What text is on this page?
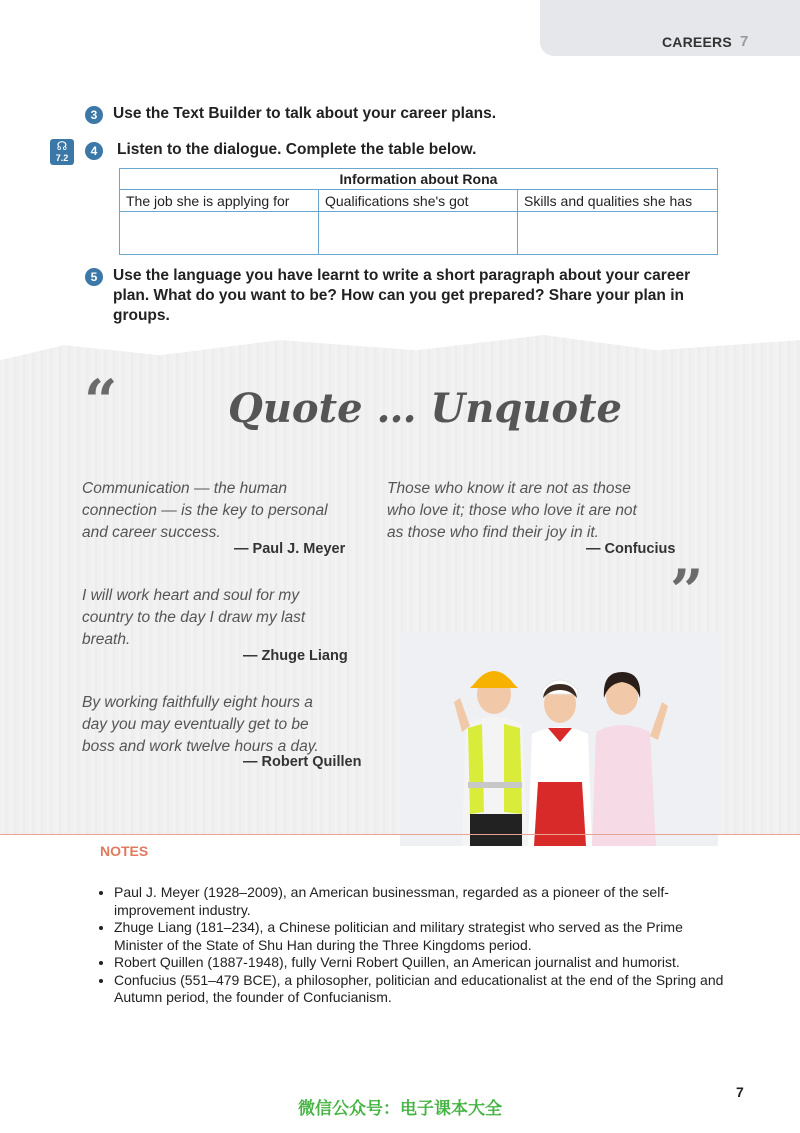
CAREERS 7
3	Use the Text Builder to talk about your career plans.
☊
7.2	4	Listen to the dialogue. Complete the table below.
Information about Rona		
The job she is applying for	Qualifications she's got	Skills and qualities she has

5	Use the language you have learnt to write a short paragraph about your career
plan. What do you want to be? How can you get prepared? Share your plan in
groups.
“
”
Quote … Unquote
Communication — the human
connection — is the key to personal
and career success.
— Paul J. Meyer
Those who know it are not as those
who love it; those who love it are not
as those who find their joy in it.
— Confucius
I will work heart and soul for my
country to the day I draw my last
breath.
— Zhuge Liang
By working faithfully eight hours a
day you may eventually get to be
boss and work twelve hours a day.
— Robert Quillen
NOTES
• Paul J. Meyer (1928–2009), an American businessman, regarded as a pioneer of the self-improvement industry.
• Zhuge Liang (181–234), a Chinese politician and military strategist who served as the Prime Minister of the State of Shu Han during the Three Kingdoms period.
• Robert Quillen (1887-1948), fully Verni Robert Quillen, an American journalist and humorist.
• Confucius (551–479 BCE), a philosopher, politician and educationalist at the end of the Spring and Autumn period, the founder of Confucianism.
7
微信公众号：电子课本大全
